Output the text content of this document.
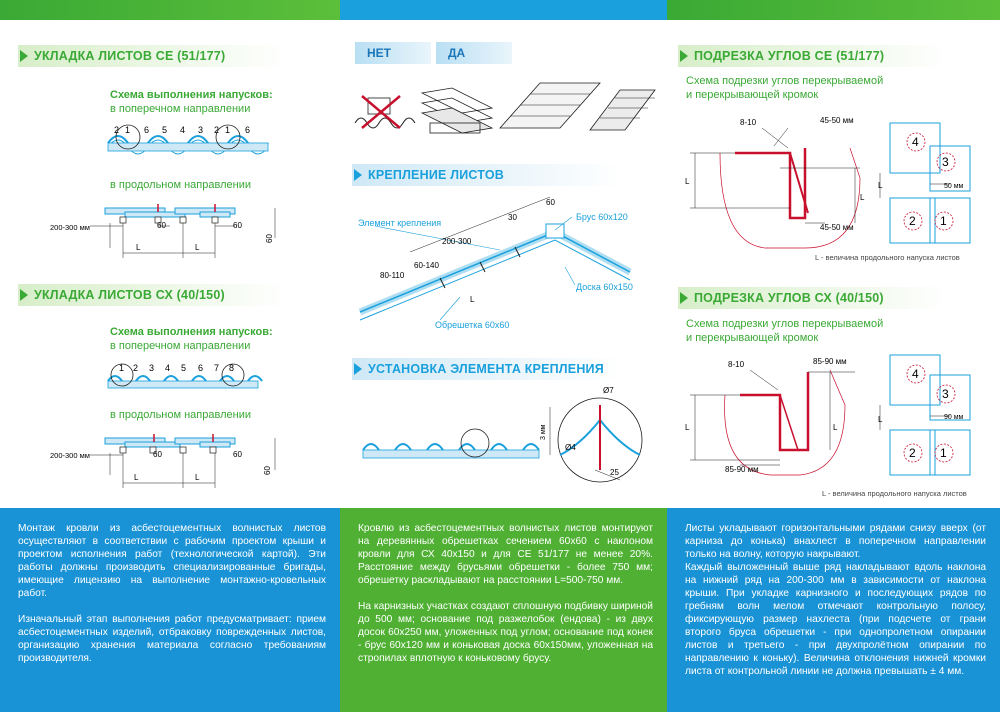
УКЛАДКА ЛИСТОВ СЕ (51/177)
Схема выполнения напусков:
в поперечном направлении
2 1 6 5 4 3 2 1 6
в продольном направлении
200-300 мм	60	60
60
L	L
УКЛАДКА ЛИСТОВ СХ (40/150)
Схема выполнения напусков:
в поперечном направлении
1 2 3 4 5 6 7 8
в продольном направлении
200-300 мм	60	60
60
L	L
НЕТ	ДА
КРЕПЛЕНИЕ ЛИСТОВ
Элемент крепления
Брус 60х120
Доска 60х150
Обрешетка 60х60
60
30
200-300
60-140
80-110
L
УСТАНОВКА ЭЛЕМЕНТА КРЕПЛЕНИЯ
Ø7
Ø4
3 мм
25
ПОДРЕЗКА УГЛОВ СЕ (51/177)
Схема подрезки углов перекрываемой
и перекрывающей кромок
8-10	45-50 мм
45-50 мм
L
L
4
3
2 1
L	50 мм
L - величина продольного напуска листов
ПОДРЕЗКА УГЛОВ СХ (40/150)
Схема подрезки углов перекрываемой
и перекрывающей кромок
8-10	85-90 мм
85-90 мм
L	L
4
3
2 1
L	90 мм
L - величина продольного напуска листов

Монтаж кровли из асбестоцементных волнистых листов осуществляют в соответствии с рабочим проектом крыши и проектом исполнения работ (технологической картой). Эти работы должны производить специализированные бригады, имеющие лицензию на выполнение монтажно-кровельных работ.

Изначальный этап выполнения работ предусматривает: прием асбестоцементных изделий, отбраковку поврежденных листов, организацию хранения материала согласно требованиям производителя.

Кровлю из асбестоцементных волнистых листов монтируют на деревянных обрешетках сечением 60х60 с наклоном кровли для СХ 40х150 и для СЕ 51/177 не менее 20%. Расстояние между брусьями обрешетки - более 750 мм; обрешетку раскладывают на расстоянии L=500-750 мм.

На карнизных участках создают сплошную подбивку шириной до 500 мм; основание под разжелобок (ендова) - из двух досок 60х250 мм, уложенных под углом; основание под конек - брус 60х120 мм и коньковая доска 60х150мм, уложенная на стропилах вплотную к коньковому брусу.

Листы укладывают горизонтальными рядами снизу вверх (от карниза до конька) внахлест в поперечном направлении только на волну, которую накрывают.

Каждый выложенный выше ряд накладывают вдоль наклона на нижний ряд на 200-300 мм в зависимости от наклона крыши. При укладке карнизного и последующих рядов по гребням волн мелом отмечают контрольную полосу, фиксирующую размер нахлеста (при подсчете от грани второго бруса обрешетки - при однопролетном опирании листов и третьего - при двухпролётном опирании по направлению к коньку). Величина отклонения нижней кромки листа от контрольной линии не должна превышать ± 4 мм.
